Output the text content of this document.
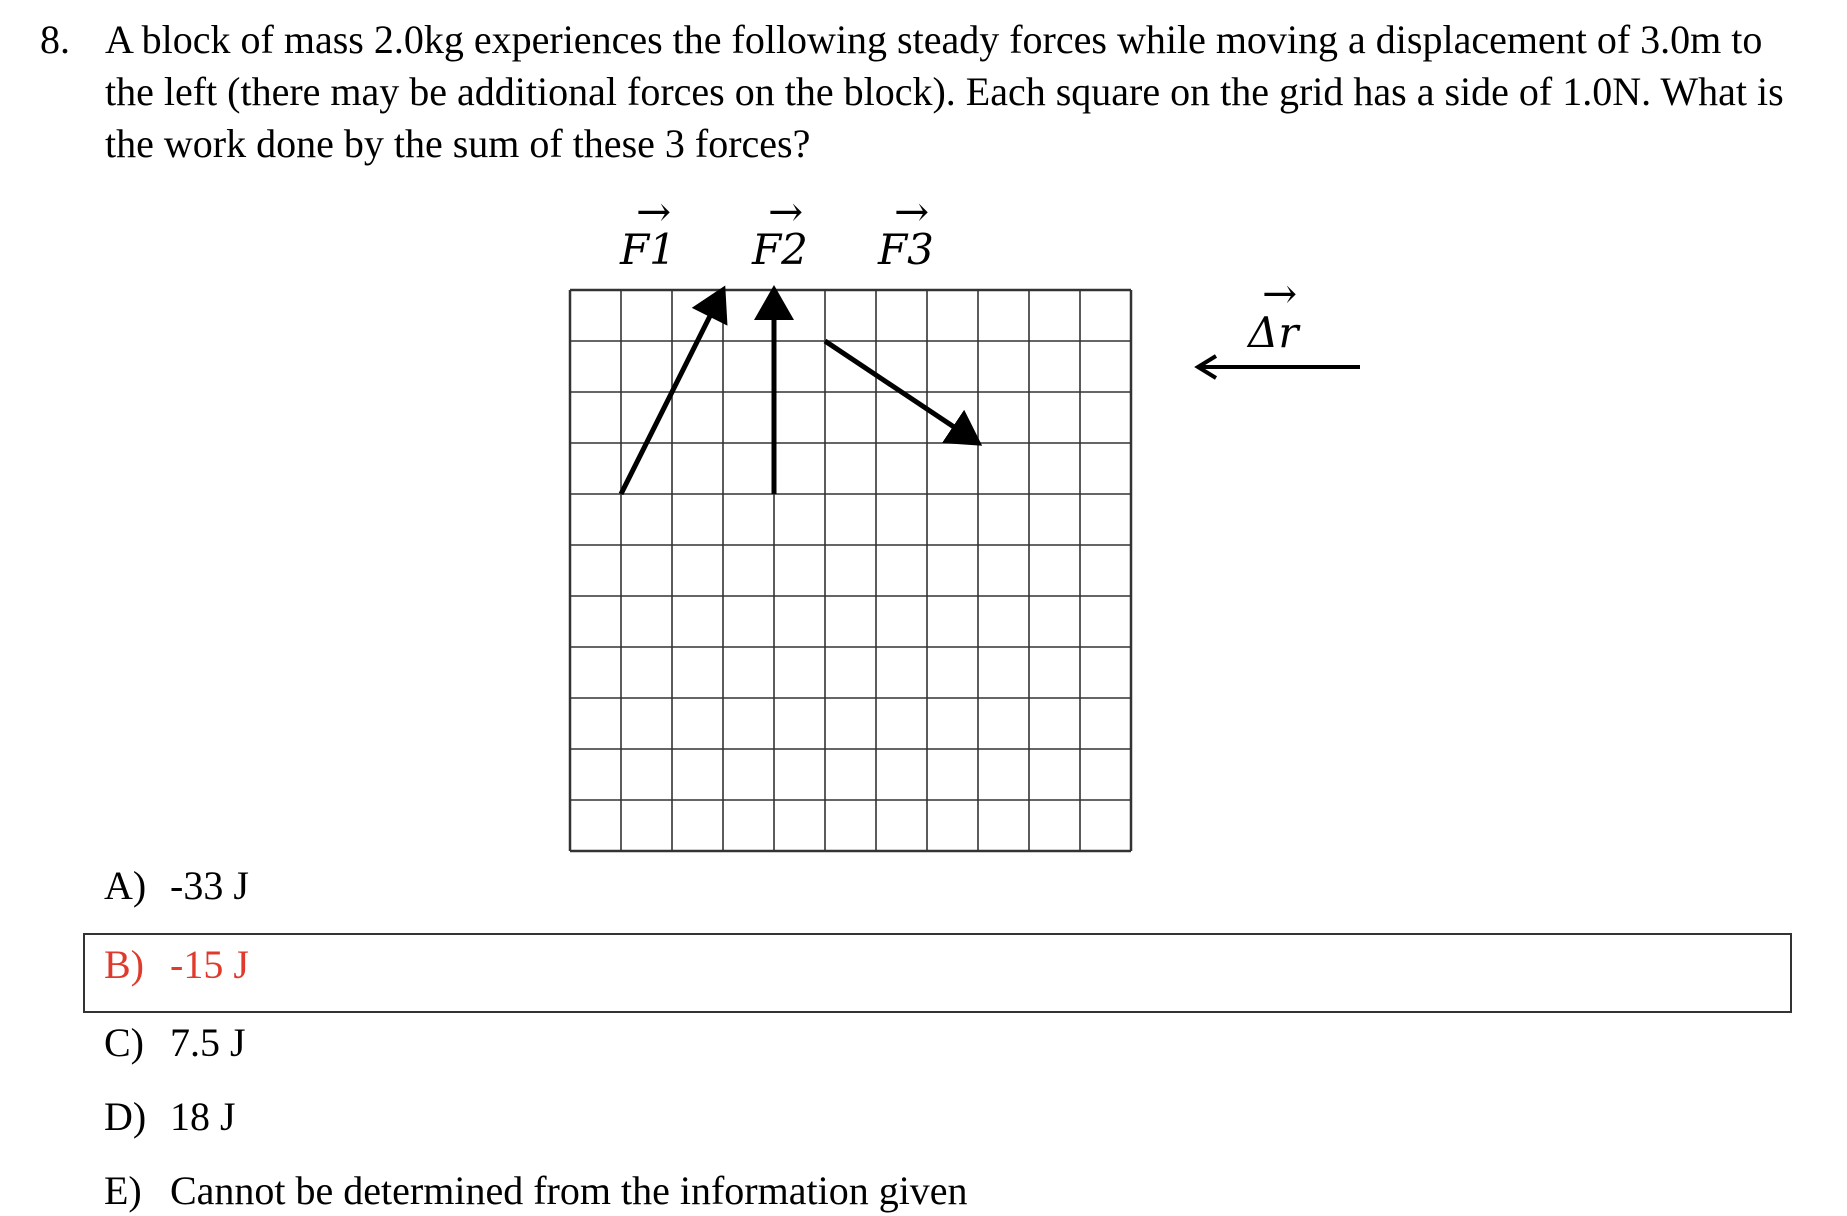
8. A block of mass 2.0kg experiences the following steady forces while moving a displacement of 3.0m to the left (there may be additional forces on the block). Each square on the grid has a side of 1.0N. What is the work done by the sum of these 3 forces?
F1
→
F2
→
F3
→
Δr
→
A) -33 J
B) -15 J
C) 7.5 J
D) 18 J
E) Cannot be determined from the information given
